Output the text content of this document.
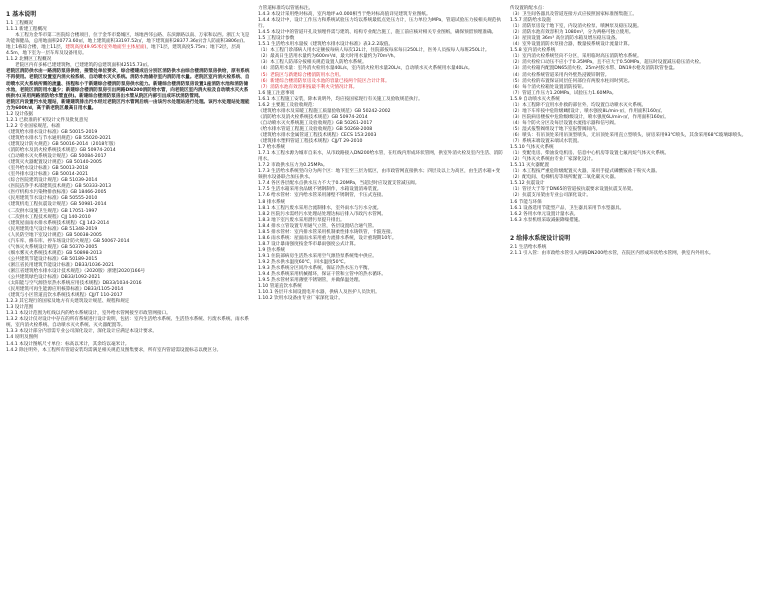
1 基本说明

1.1 工程概况

1.1.1 新建工程概况

本工程为金华市第二医院综合楼项目，位于金华市婺城区，场地西邻公路、东滨源路以南、万家和以西。浙江大飞是功能保健品，总用地面积20773.60㎡，地上建筑面积33197.52㎡，地下建筑面积28377.36㎡(含人防面积3806㎡)。地上1栋综合楼，地上11层，建筑高度49.95米(室外地面至主体屋面)，地下1层，建筑高度5.75m；地下2层，层高4.5m，地下室为一层车库及设备用房。

1.1.2 北侧区工程概况

老院区内有多栋已建建筑物，已建建筑的总建筑面积42515.73㎡。

老院区消防供水由一路消防泵房供给，接管处单位要求，综合楼建成后分别区消防供水由综合楼消防泵房供给，原有系统不再使用。老院区设置室内消火栓系统、自动喷水灭火系统。消防水池储存室内消防用水量。老院区室内消火栓系统、自动喷水灭火系统所需的流量、扬程和小于新建综合楼消防泵房供水能力。新建综合楼消防泵房设置1座消防水池和消防储水池，老院区消防用水量少；新建综合楼消防泵房引出两路DN200消防给水管，向老院区室内消火栓及自动喷水灭火系统供水(采用两路消防给水管直供)。新建综合楼消防泵房出水管从院区内部引出成环状消防管网。

老院区内设置污水处理站，新建建筑排出污水经过老院区污水管网后统一由该污水处理站进行处理。该污水处理站处理能力为600t/d，高于新老院区最高日用水量。

1.2 设计依据

1.2.1 已批准的扩初设计文件及批复意见

1.2.2 专业国家规范、标准

《建筑给水排水设计标准》GB 50015-2019

《建筑给水排水与节水通用规范》GB 55020-2021

《建筑设计防火规范》GB 50016-2014（2018年版）

《消防给水及消火栓系统技术规范》GB 50974-2014

《自动喷水灭火系统设计规范》GB 50084-2017

《建筑灭火器配置设计规范》GB 50140-2005

《室外给水设计标准》GB 50013-2018

《室外排水设计标准》GB 50014-2021

《综合医院建筑设计规范》GB 51039-2014

《医院洁净手术部建筑技术规范》GB 50333-2013

《医疗机构水污染物排放标准》GB 18466-2005

《民用建筑节水设计标准》GB 50555-2010

《建筑机电工程抗震设计规范》GB 50981-2014

《二次供水设施卫生规范》GB 17051-1997

《二次供水工程技术规程》CJJ 140-2010

《建筑屋面雨水排水系统技术规程》CJJ 142-2014

《民用建筑电气设计标准》GB 51348-2019

《人民防空地下室设计规范》GB 50038-2005

《汽车库、修车库、停车场设计防火规范》GB 50067-2014

《气体灭火系统设计规范》GB 50370-2005

《细水雾灭火系统技术规范》GB 50898-2013

《公共建筑节能设计标准》GB 50189-2015

《浙江省民用建筑节能设计标准》DB33/1036-2021

《浙江省建筑给水排水设计技术规范》（2020版）浙建[2020]166号

《公共建筑绿色设计标准》DB33/1092-2021

《太阳能与空气源热泵热水系统应用技术规程》DB33/1034-2016

《民用建筑可再生能源应用核算标准》DB33/1105-2014

《建筑与小区管道直饮水系统技术规程》CJJ/T 110-2017

1.2.3 其它现行的国家及地方有关建筑设计规范、规程和规定

1.3 设计范围

1.3.1 本设计范围为红线以内的给水系统设计，室外给水管网接至市政管网接口。

1.3.2 本设计仅对设计中存在的所有系统进行设计说明，包括：室内生活给水系统、生活热水系统、污废水系统、雨水系统、室内消火栓系统、自动喷水灭火系统、灭火器配置等。

1.3.3 本设计部分内容需专业公司深化设计，深化设计应满足本设计要求。

1.4 说明及图例

1.4.1 本设计图纸尺寸单位：标高以米计，其余均以毫米计。

1.4.2 除注明外，本工程所有管道安装均需满足相关规范及图集要求，所有室内管道需设置标志以便区分。

力管道标准均以管底标注。

1.4.3 本设计采用绝对标高，室内地坪±0.000相当于绝对标高值详见建筑专业图纸。

1.4.4 本设计中，设计工作压力和系统试验压力均以系统最低点处压力计，压力单位为MPa，管道试验压力按相关规范执行。

1.4.5 本设计中的管道开孔及预埋件需与建筑、结构专业配合施工，施工前应核对相关专业图纸，确保预留预埋准确。

1.5 工程设计参数

1.5.1 生活给水用水量按《建筑给水排水设计标准》表3.2.2取值。

（1）本工程门诊部病人用水定额按每病人每次12L计，住院部按每床每日250L计，医务人员按每人每班250L计。

（2）最高日生活用水量约为600m³/d，最大时用水量约为70m³/h。

（3）本工程人防部分按相关规范设置人防给水系统。

（4）消防用水量：室外消火栓用水量40L/s，室内消火栓用水量20L/s，自动喷水灭火系统用水量40L/s。

（5）老院区与新建综合楼消防用水合用。

（6）新建综合楼消防泵房及水池的容量已按两个院区合计计算。

（7）消防水池有效容积按最不利火灾情况计算。

1.6 施工注意事项

1.6.1 本工程施工安装，除本说明外，均应按国家现行有关施工及验收规范执行。

1.6.2 主要施工及验收规范：

《建筑给水排水及采暖工程施工质量验收规范》GB 50242-2002

《消防给水及消火栓系统技术规范》GB 50974-2014

《自动喷水灭火系统施工及验收规范》GB 50261-2017

《给水排水管道工程施工及验收规范》GB 50268-2008

《建筑给水排水金属管道工程技术规程》CECS 153:2003

《建筑排水塑料管道工程技术规程》CJJ/T 29-2010

1.7 给水系统

1.7.1 本工程水源为城市自来水，从市政路接入DN200给水管，在红线内形成环状管网，供室外消火栓及室内生活、消防用水。

1.7.2 市政供水压力为0.25MPa。

1.7.3 生活给水系统竖向分为两个区：地下室至三层为低区，由市政管网直接供水；四层及以上为高区，由生活水箱+变频供水设备联合加压供水。

1.7.4 各区各层配水点供水压力不大于0.20MPa，当超过时应设置支管减压阀。

1.7.5 生活水箱采用食品级不锈钢制作，水箱设置消毒装置。

1.7.6 给水管材：室内给水管采用薄壁不锈钢管，卡压式连接。

1.8 排水系统

1.8.1 本工程污废水采用合流制排水，室外雨水与污水分流。

1.8.2 医院污水需经污水处理站处理达标后排入市政污水管网。

1.8.3 地下室污废水采用潜污泵提升排出。

1.8.4 排水立管设置专用通气立管，各层设置结合通气管。

1.8.5 排水管材：室内排水管采用机制柔性排水铸铁管，卡箍连接。

1.8.6 雨水系统：屋面雨水采用重力流排水系统，设计重现期10年。

1.8.7 设计暴雨强度按金华市暴雨强度公式计算。

1.9 热水系统

1.9.1 住院部病房生活热水采用空气源热泵系统集中供应。

1.9.2 热水供水温度60℃，回水温度50℃。

1.9.3 热水系统分区同冷水系统，保证冷热水压力平衡。

1.9.4 热水系统采用机械循环，保证干管和立管中的热水循环。

1.9.5 热水管材采用薄壁不锈钢管，并做保温处理。

1.10 管道直饮水系统

1.10.1 各层开水间设置电开水器，供病人及医护人员饮用。

1.10.2 饮用水设备由专业厂家深化设计。

传设置的配水点：

（3）卫生间各器具及管道连接方式应按照国家标准图集施工。

1.5.7 消防给水设施

（1）消防泵房设于地下室，内设消火栓泵、喷淋泵及稳压设施。

（2）消防水池有效容积为 1080m³，分为两格可独立使用。

（3）屋顶设置 36m³ 高位消防水箱及增压稳压设备。

（4）室外设置消防水泵接合器，数量按系统设计流量计算。

1.5.8 室内消火栓系统

（1）室内消火栓系统竖向不分区，采用临时高压消防给水系统。

（2）消火栓栓口动压不应小于0.35MPa，且不应大于0.50MPa，超压时设置减压稳压消火栓。

（3）消火栓箱内配置DN65消火栓、25m衬胶水带、DN19水枪及消防软管卷盘。

（4）消火栓系统管道采用内外壁热浸镀锌钢管。

（5）消火栓的布置保证同层任何部位有两股水柱同时到达。

（6）每个消火栓箱处设置消防按钮。

（7）管道工作压力1.20MPa，试验压力1.60MPa。

1.5.9 自动喷水灭火系统

（1）本工程除不宜用水扑救的部位外，均设置自动喷水灭火系统。

（2）地下车库按中危险级Ⅱ级设计，喷水强度8L/min·㎡，作用面积160㎡。

（3）医院病房楼按中危险级Ⅰ级设计，喷水强度6L/min·㎡，作用面积160㎡。

（4）每个防火分区及每层设置水流指示器和信号阀。

（5）湿式报警阀组设于地下室报警阀间内。

（6）喷头：有吊顶处采用吊顶型喷头，无吊顶处采用直立型喷头，厨房采用93℃喷头，其余采用68℃玻璃球喷头。

（7）系统末端设置末端试水装置。

1.5.10 气体灭火系统

（1）变配电房、柴油发电机房、信息中心机房等设置七氟丙烷气体灭火系统。

（2）气体灭火系统由专业厂家深化设计。

1.5.11 灭火器配置

（1）本工程按严重危险级配置灭火器，采用手提式磷酸铵盐干粉灭火器。

（2）配电间、电梯机房等场所配置二氧化碳灭火器。

1.5.12 抗震设计

（1）管径大于等于DN65的管道按抗震要求设置抗震支吊架。

（2）抗震支吊架由专业公司深化设计。

1.6 节能与环保

1.6.1 设备选用节能型产品，卫生器具采用节水型器具。

1.6.2 各用水单元设置计量水表。

1.6.3 水泵机组采取减振降噪措施。

2 给排水系统设计说明

2.1 生活给水系统

2.1.1 引入管：由市政给水管引入两路DN200给水管，在院区内形成环状给水管网，供室内外用水。
